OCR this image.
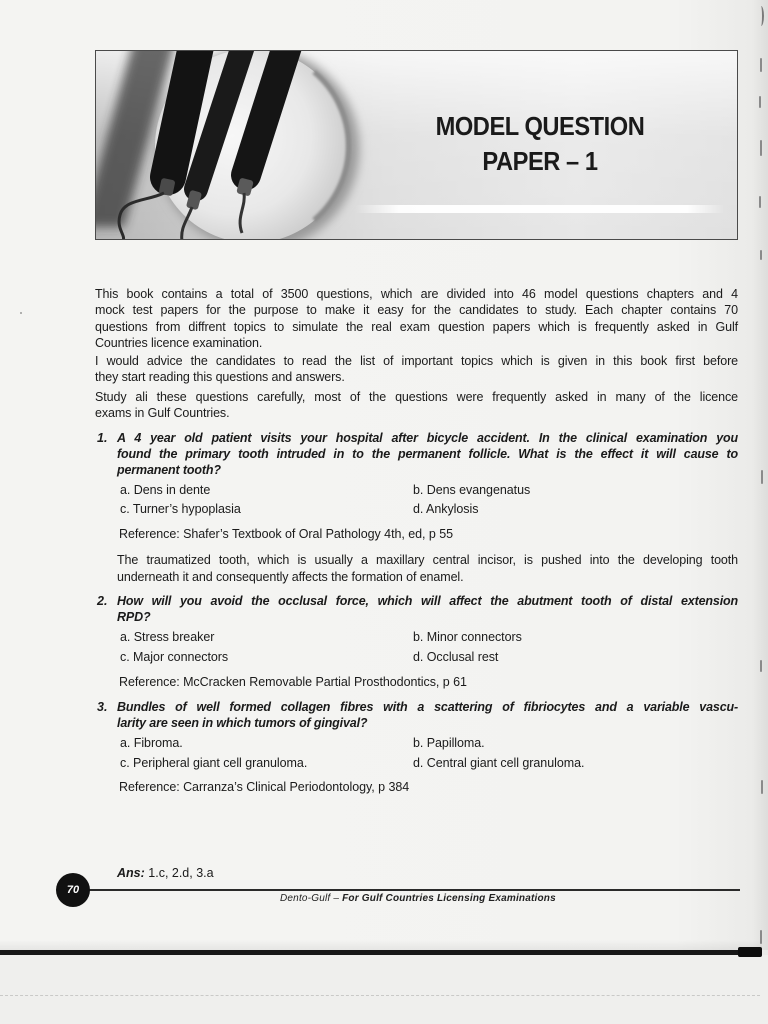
MODEL QUESTION
PAPER – 1
This book contains a total of 3500 questions, which are divided into 46 model questions chapters and 4
mock test papers for the purpose to make it easy for the candidates to study. Each chapter contains 70
questions from diffrent topics to simulate the real exam question papers which is frequently asked in Gulf
Countries licence examination.
I would advice the candidates to read the list of important topics which is given in this book first before
they start reading this questions and answers.
Study ali these questions carefully, most of the questions were frequently asked in many of the licence
exams in Gulf Countries.
1. A 4 year old patient visits your hospital after bicycle accident. In the clinical examination you
found the primary tooth intruded in to the permanent follicle. What is the effect it will cause to
permanent tooth?
a. Dens in dente	b. Dens evangenatus
c. Turner’s hypoplasia	d. Ankylosis
Reference: Shafer’s Textbook of Oral Pathology 4th, ed, p 55
The traumatized tooth, which is usually a maxillary central incisor, is pushed into the developing tooth
underneath it and consequently affects the formation of enamel.
2. How will you avoid the occlusal force, which will affect the abutment tooth of distal extension
RPD?
a. Stress breaker	b. Minor connectors
c. Major connectors	d. Occlusal rest
Reference: McCracken Removable Partial Prosthodontics, p 61
3. Bundles of well formed collagen fibres with a scattering of fibriocytes and a variable vascu-
larity are seen in which tumors of gingival?
a. Fibroma.	b. Papilloma.
c. Peripheral giant cell granuloma.	d. Central giant cell granuloma.
Reference: Carranza’s Clinical Periodontology, p 384
Ans: 1.c, 2.d, 3.a
70
Dento-Gulf – For Gulf Countries Licensing Examinations
